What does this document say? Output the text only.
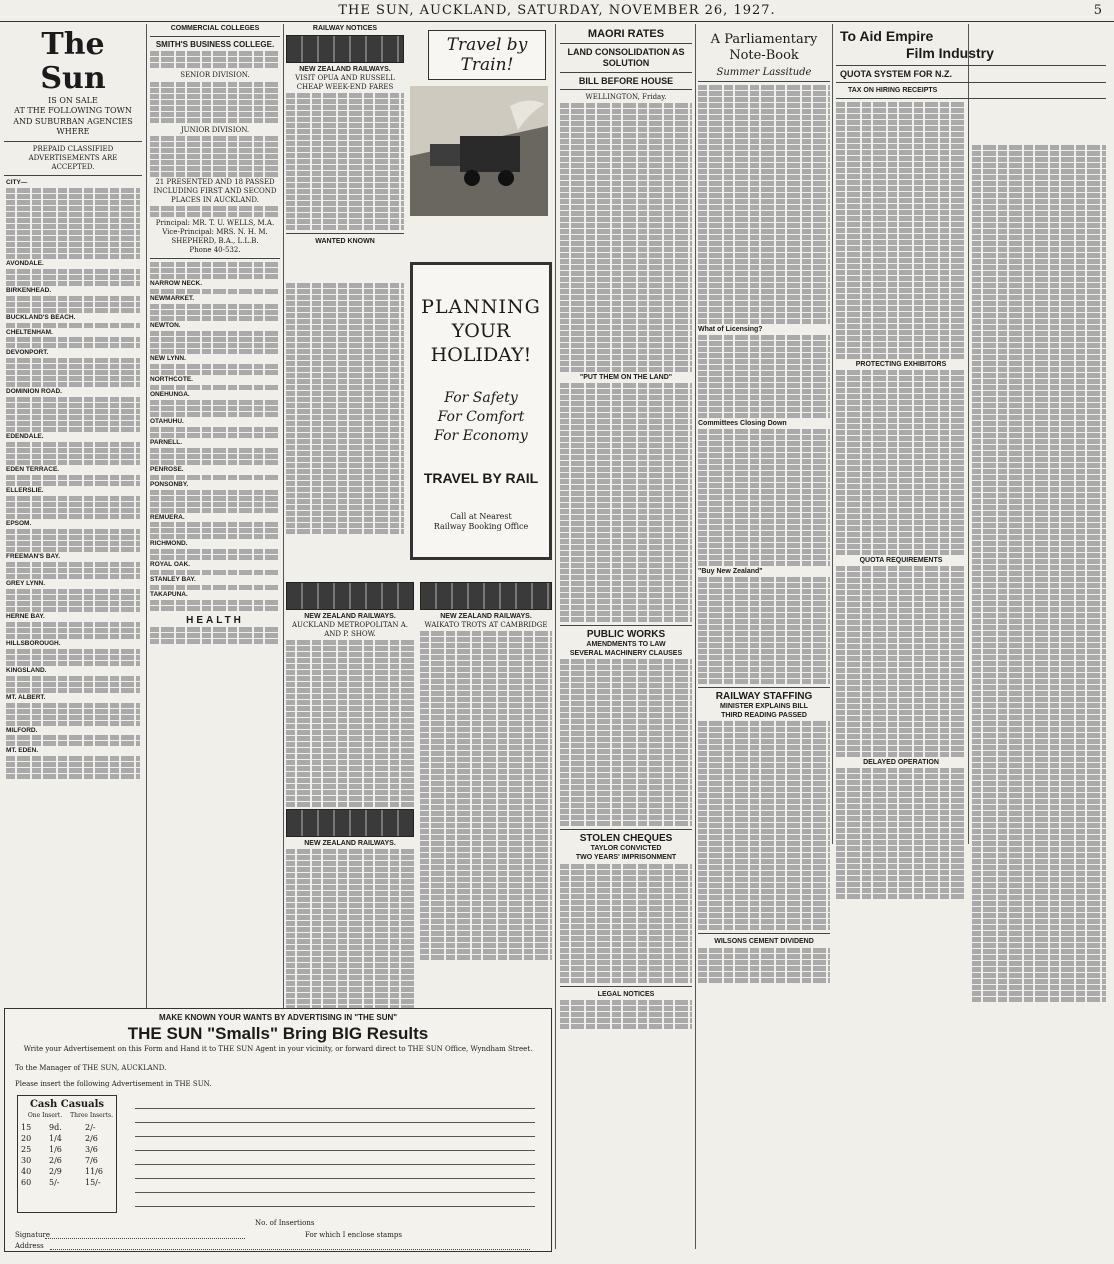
THE SUN, AUCKLAND, SATURDAY, NOVEMBER 26, 1927.	5
The Sun
IS ON SALE
AT THE FOLLOWING TOWN
AND SUBURBAN AGENCIES
WHERE
PREPAID CLASSIFIED ADVERTISEMENTS ARE ACCEPTED.
CITY—
AVONDALE.
BIRKENHEAD.
BUCKLAND'S BEACH.
CHELTENHAM.
DEVONPORT.
DOMINION ROAD.
EDENDALE.
EDEN TERRACE.
ELLERSLIE.
EPSOM.
FREEMAN'S BAY.
GREY LYNN.
HERNE BAY.
HILLSBOROUGH.
KINGSLAND.
MT. ALBERT.
MILFORD.
MT. EDEN.
COMMERCIAL COLLEGES
SMITH'S BUSINESS COLLEGE.
SENIOR DIVISION.
JUNIOR DIVISION.
21 PRESENTED AND 18 PASSED
INCLUDING FIRST AND SECOND PLACES IN AUCKLAND.
Principal: MR. T. U. WELLS, M.A.
Vice-Principal: MRS. N. H. M. SHEPHERD, B.A., L.L.B.
Phone 40-532.
NARROW NECK.
NEWMARKET.
NEWTON.
NEW LYNN.
NORTHCOTE.
ONEHUNGA.
OTAHUHU.
PARNELL.
PENROSE.
PONSONBY.
REMUERA.
RICHMOND.
ROYAL OAK.
STANLEY BAY.
TAKAPUNA.
HEALTH
RAILWAY NOTICES
NEW ZEALAND RAILWAYS.
VISIT OPUA AND RUSSELL
CHEAP WEEK-END FARES
WANTED KNOWN
Travel by Train!
PLANNING
YOUR
HOLIDAY!
For Safety
For Comfort
For Economy
TRAVEL BY RAIL
Call at Nearest
Railway Booking Office
NEW ZEALAND RAILWAYS.
AUCKLAND METROPOLITAN A. AND P. SHOW.
NEW ZEALAND RAILWAYS.
NEW ZEALAND RAILWAYS.
WAIKATO TROTS AT CAMBRIDGE
MAKE KNOWN YOUR WANTS BY ADVERTISING IN "THE SUN"
THE SUN "Smalls" Bring BIG Results
Write your Advertisement on this Form and Hand it to THE SUN Agent in your vicinity, or forward direct to THE SUN Office, Wyndham Street.
To the Manager of THE SUN, AUCKLAND.
Please insert the following Advertisement in THE SUN.
Cash Casuals
One Insert. Three Inserts.
15	9d.	2/-
20	1/4	2/6
25	1/6	3/6
30	2/6	7/6
40	2/9	11/6
60	5/-	15/-
No. of Insertions
Signature	For which I enclose stamps
Address
MAORI RATES
LAND CONSOLIDATION AS SOLUTION
BILL BEFORE HOUSE
WELLINGTON, Friday.
"PUT THEM ON THE LAND"
PUBLIC WORKS
AMENDMENTS TO LAW
SEVERAL MACHINERY CLAUSES
STOLEN CHEQUES
TAYLOR CONVICTED
TWO YEARS' IMPRISONMENT
LEGAL NOTICES
A Parliamentary
Note-Book
Summer Lassitude
What of Licensing?
Committees Closing Down
"Buy New Zealand"
RAILWAY STAFFING
MINISTER EXPLAINS BILL
THIRD READING PASSED
WILSONS CEMENT DIVIDEND
To Aid Empire
Film Industry
QUOTA SYSTEM FOR N.Z.
TAX ON HIRING RECEIPTS
PROTECTING EXHIBITORS
QUOTA REQUIREMENTS
DELAYED OPERATION
